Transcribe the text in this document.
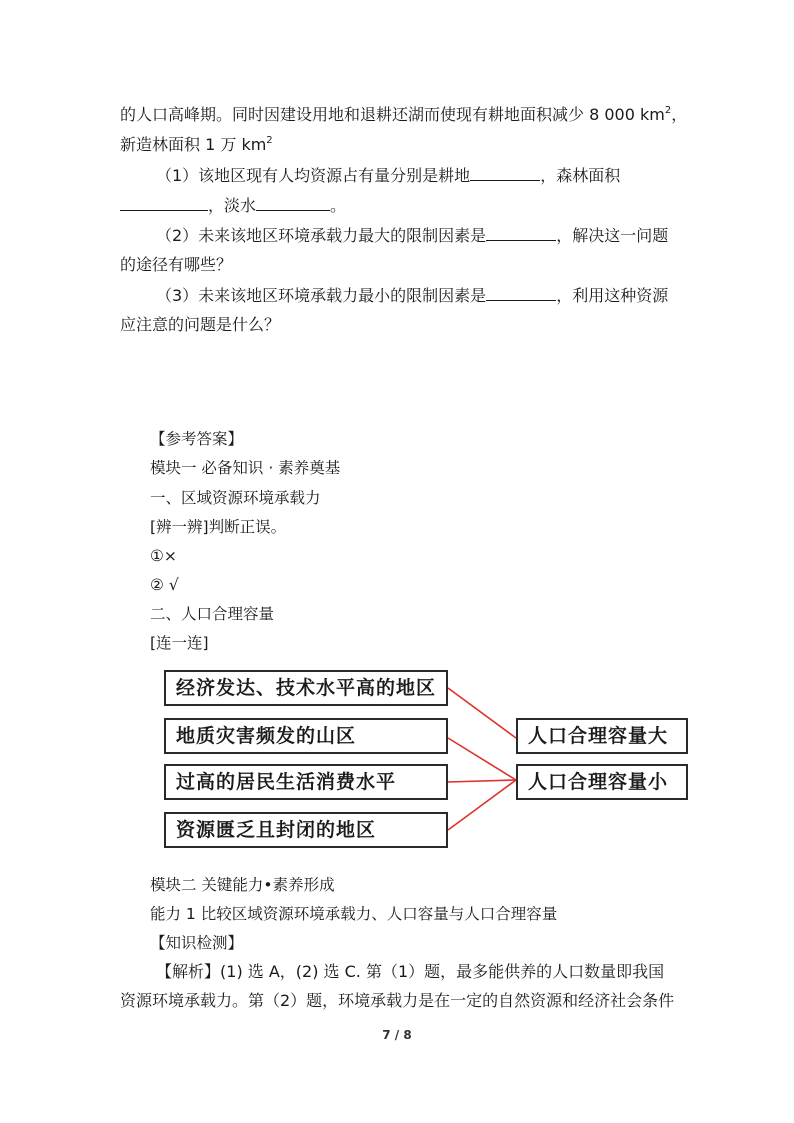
的人口高峰期。同时因建设用地和退耕还湖而使现有耕地面积减少 8 000 $km^2$，
新造林面积 1 万 $km^2$
（1）该地区现有人均资源占有量分别是耕地	，森林面积
，淡水	。
（2）未来该地区环境承载力最大的限制因素是	，解决这一问题
的途径有哪些？
（3）未来该地区环境承载力最小的限制因素是	，利用这种资源
应注意的问题是什么？
【参考答案】
模块一 必备知识 · 素养奠基
一、区域资源环境承载力
[辨一辨]判断正误。
①×
② √
二、人口合理容量
[连一连]
经济发达、技术水平高的地区
地质灾害频发的山区
过高的居民生活消费水平
资源匮乏且封闭的地区
人口合理容量大
人口合理容量小
模块二 关键能力•素养形成
能力 1 比较区域资源环境承载力、人口容量与人口合理容量
【知识检测】
【解析】(1) 选 A，(2) 选 C. 第（1）题，最多能供养的人口数量即我国
资源环境承载力。第（2）题，环境承载力是在一定的自然资源和经济社会条件
7 / 8
